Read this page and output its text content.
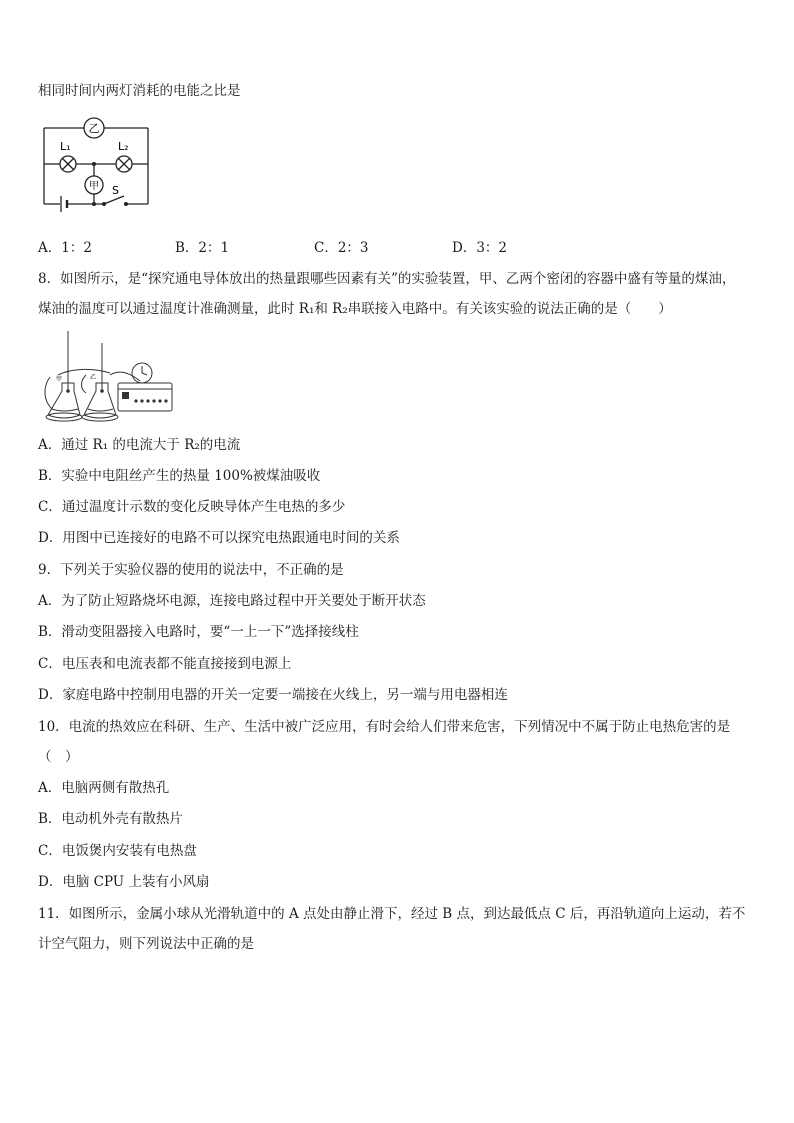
相同时间内两灯消耗的电能之比是
乙
甲
L₁	L₂
S
A．1：2	B．2：1	C．2：3	D．3：2
8．如图所示，是“探究通电导体放出的热量跟哪些因素有关”的实验装置，甲、乙两个密闭的容器中盛有等量的煤油，
煤油的温度可以通过温度计准确测量，此时 R₁和 R₂串联接入电路中。有关该实验的说法正确的是（　　）
甲	乙
A．通过 R₁ 的电流大于 R₂的电流
B．实验中电阻丝产生的热量 100%被煤油吸收
C．通过温度计示数的变化反映导体产生电热的多少
D．用图中已连接好的电路不可以探究电热跟通电时间的关系
9．下列关于实验仪器的使用的说法中，不正确的是
A．为了防止短路烧坏电源，连接电路过程中开关要处于断开状态
B．滑动变阻器接入电路时，要“一上一下”选择接线柱
C．电压表和电流表都不能直接接到电源上
D．家庭电路中控制用电器的开关一定要一端接在火线上，另一端与用电器相连
10．电流的热效应在科研、生产、生活中被广泛应用，有时会给人们带来危害，下列情况中不属于防止电热危害的是
（　）
A．电脑两侧有散热孔
B．电动机外壳有散热片
C．电饭煲内安装有电热盘
D．电脑 CPU 上装有小风扇
11．如图所示，金属小球从光滑轨道中的 A 点处由静止滑下，经过 B 点，到达最低点 C 后，再沿轨道向上运动，若不
计空气阻力，则下列说法中正确的是
